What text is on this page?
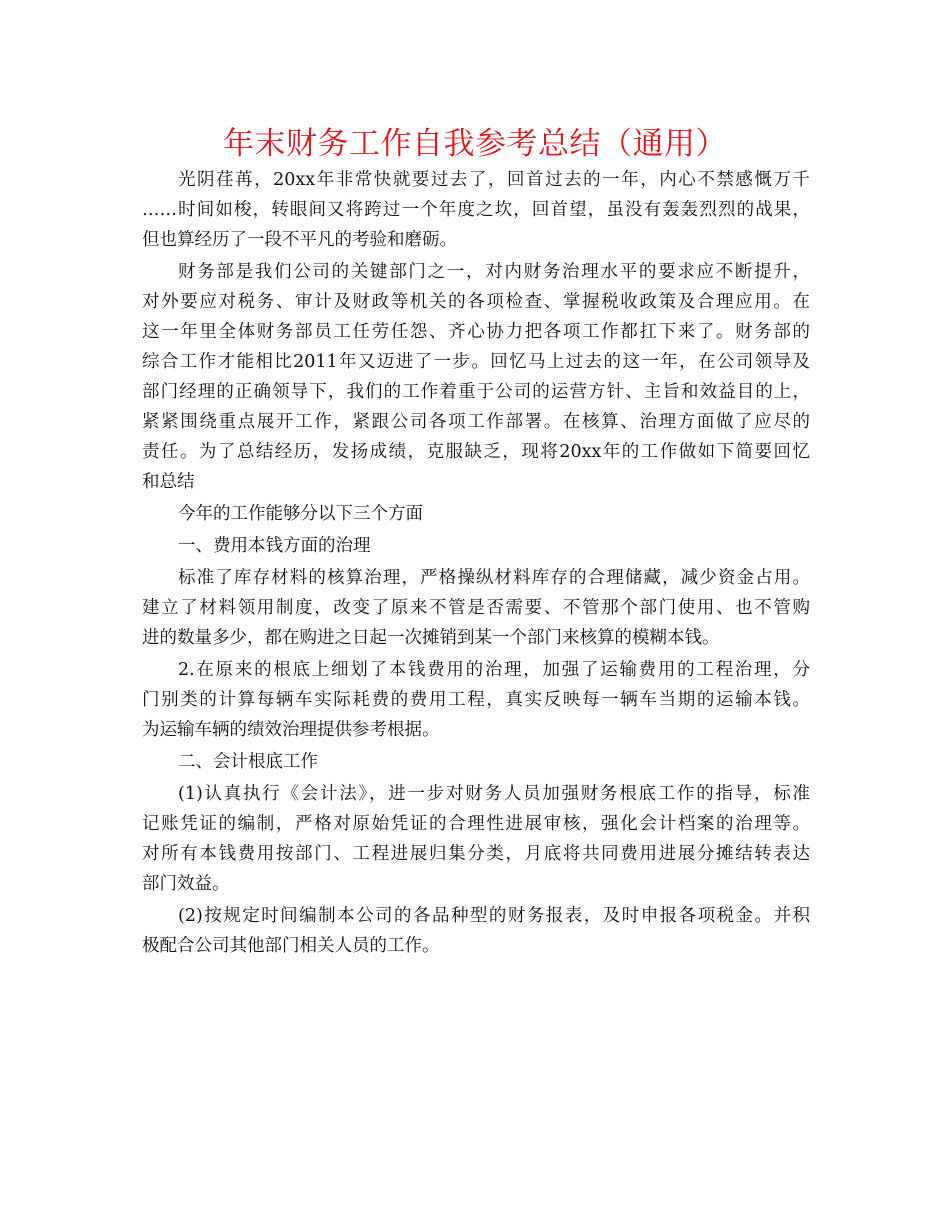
年末财务工作自我参考总结（通用）
光阴荏苒，20xx年非常快就要过去了，回首过去的一年，内心不禁感慨万千
……时间如梭，转眼间又将跨过一个年度之坎，回首望，虽没有轰轰烈烈的战果，
但也算经历了一段不平凡的考验和磨砺。
财务部是我们公司的关键部门之一，对内财务治理水平的要求应不断提升，
对外要应对税务、审计及财政等机关的各项检查、掌握税收政策及合理应用。在
这一年里全体财务部员工任劳任怨、齐心协力把各项工作都扛下来了。财务部的
综合工作才能相比2011年又迈进了一步。回忆马上过去的这一年，在公司领导及
部门经理的正确领导下，我们的工作着重于公司的运营方针、主旨和效益目的上，
紧紧围绕重点展开工作，紧跟公司各项工作部署。在核算、治理方面做了应尽的
责任。为了总结经历，发扬成绩，克服缺乏，现将20xx年的工作做如下简要回忆
和总结
今年的工作能够分以下三个方面
一、费用本钱方面的治理
标准了库存材料的核算治理，严格操纵材料库存的合理储藏，减少资金占用。
建立了材料领用制度，改变了原来不管是否需要、不管那个部门使用、也不管购
进的数量多少，都在购进之日起一次摊销到某一个部门来核算的模糊本钱。
2.在原来的根底上细划了本钱费用的治理，加强了运输费用的工程治理，分
门别类的计算每辆车实际耗费的费用工程，真实反映每一辆车当期的运输本钱。
为运输车辆的绩效治理提供参考根据。
二、会计根底工作
(1)认真执行《会计法》，进一步对财务人员加强财务根底工作的指导，标准
记账凭证的编制，严格对原始凭证的合理性进展审核，强化会计档案的治理等。
对所有本钱费用按部门、工程进展归集分类，月底将共同费用进展分摊结转表达
部门效益。
(2)按规定时间编制本公司的各品种型的财务报表，及时申报各项税金。并积
极配合公司其他部门相关人员的工作。
